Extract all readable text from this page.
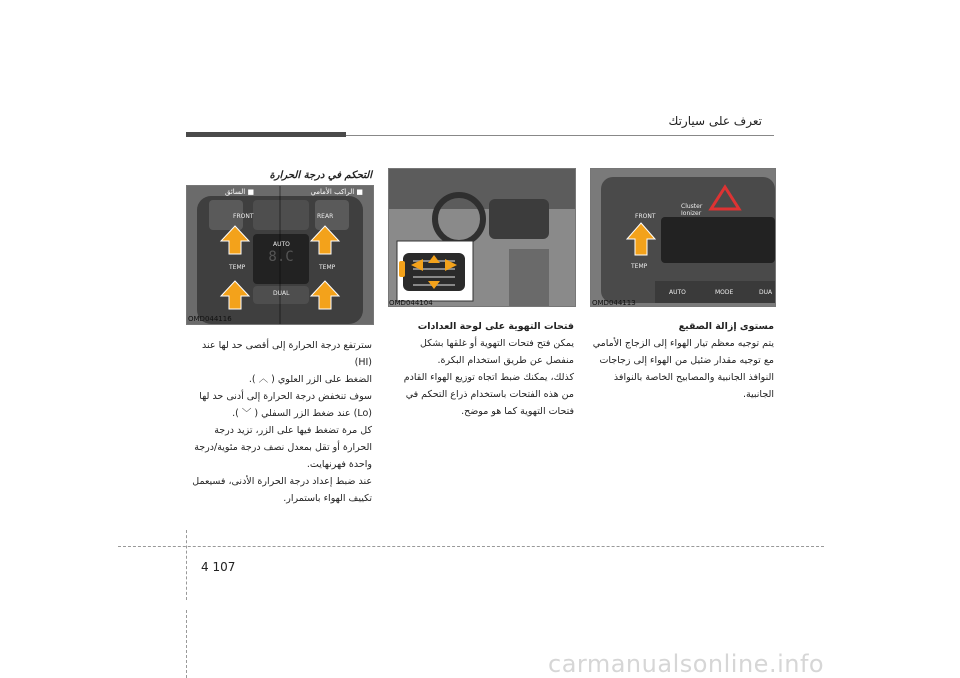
تعرف على سيارتك
التحكم في درجة الحرارة
8.C
FRONT	REAR
TEMP	TEMP
AUTO
DUAL
■ الراكب الأمامي
■ السائق
OMD044116
OMD044104
FRONT
Cluster
Ionizer
TEMP
AUTO	MODE	DUA
OMD044113
سترتفع درجة الحرارة إلى أقصى حد لها عند (HI)
الضغط على الزر العلوي ( ︿ ).
سوف تنخفض درجة الحرارة إلى أدنى حد لها
(Lo) عند ضغط الزر السفلي ( ﹀ ).
كل مرة تضغط فيها على الزر، تزيد درجة
الحرارة أو تقل بمعدل نصف درجة مئوية/درجة
واحدة فهرنهايت.
عند ضبط إعداد درجة الحرارة الأدنى، فسيعمل
تكييف الهواء باستمرار.
فتحات التهوية على لوحة العدادات
يمكن فتح فتحات التهوية أو غلقها بشكل
منفصل عن طريق استخدام البكرة.
كذلك، يمكنك ضبط اتجاه توزيع الهواء القادم
من هذه الفتحات باستخدام ذراع التحكم في
فتحات التهوية كما هو موضح.
مستوى إزالة الصقيع
يتم توجيه معظم تيار الهواء إلى الزجاج الأمامي
مع توجيه مقدار ضئيل من الهواء إلى زجاجات
النوافذ الجانبية والمصابيح الخاصة بالنوافذ الجانبية.
4 107
carmanualsonline.info
